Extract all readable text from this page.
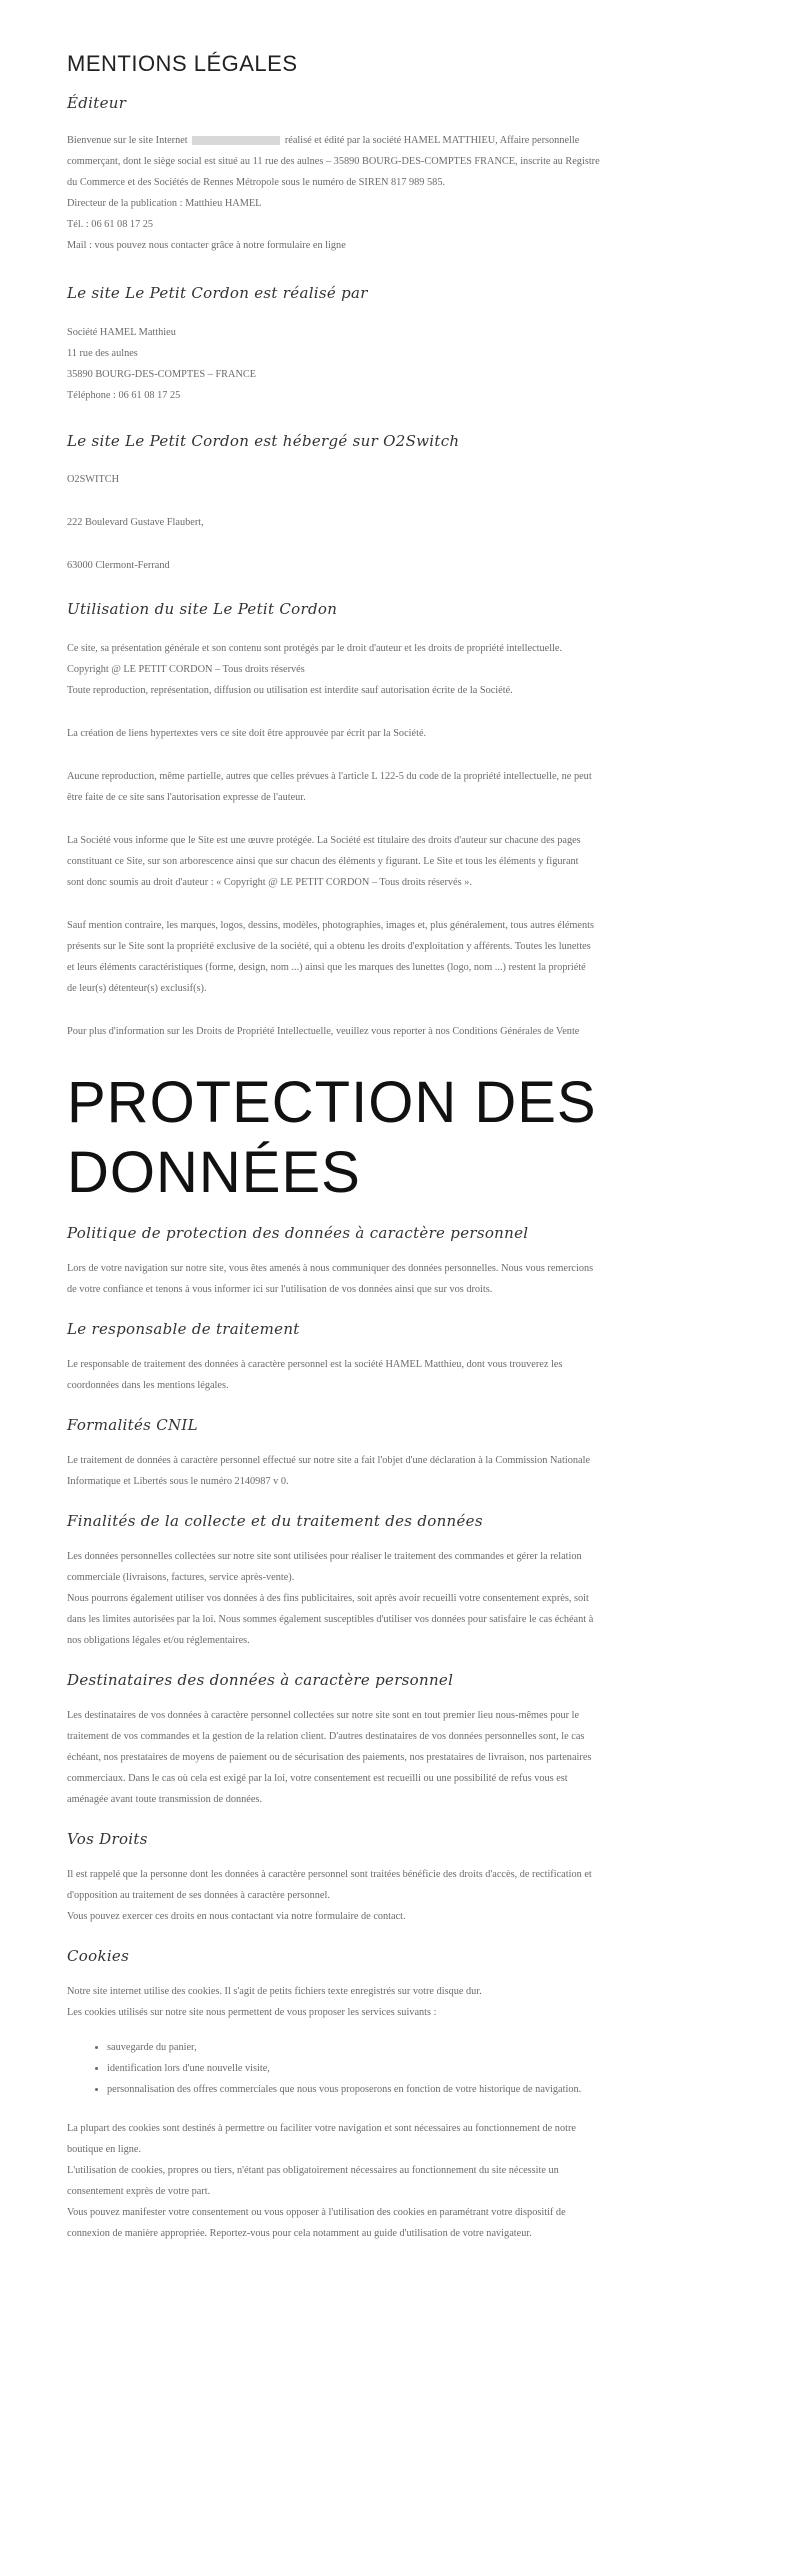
MENTIONS LÉGALES
Éditeur

Bienvenue sur le site Internet	réalisé et édité par la société HAMEL MATTHIEU, Affaire personnelle

commerçant, dont le siège social est situé au 11 rue des aulnes – 35890 BOURG-DES-COMPTES FRANCE, inscrite au Registre

du Commerce et des Sociétés de Rennes Métropole sous le numéro de SIREN 817 989 585.

Directeur de la publication : Matthieu HAMEL

Tél. : 06 61 08 17 25

Mail : vous pouvez nous contacter grâce à notre formulaire en ligne

Le site Le Petit Cordon est réalisé par

Société HAMEL Matthieu

11 rue des aulnes

35890 BOURG-DES-COMPTES – FRANCE

Téléphone : 06 61 08 17 25

Le site Le Petit Cordon est hébergé sur O2Switch

O2SWITCH

222 Boulevard Gustave Flaubert,

63000 Clermont-Ferrand

Utilisation du site Le Petit Cordon

Ce site, sa présentation générale et son contenu sont protégés par le droit d'auteur et les droits de propriété intellectuelle.

Copyright @ LE PETIT CORDON – Tous droits réservés

Toute reproduction, représentation, diffusion ou utilisation est interdite sauf autorisation écrite de la Société.

La création de liens hypertextes vers ce site doit être approuvée par écrit par la Société.

Aucune reproduction, même partielle, autres que celles prévues à l'article L 122-5 du code de la propriété intellectuelle, ne peut

être faite de ce site sans l'autorisation expresse de l'auteur.

La Société vous informe que le Site est une œuvre protégée. La Société est titulaire des droits d'auteur sur chacune des pages

constituant ce Site, sur son arborescence ainsi que sur chacun des éléments y figurant. Le Site et tous les éléments y figurant

sont donc soumis au droit d'auteur : « Copyright @ LE PETIT CORDON – Tous droits réservés ».

Sauf mention contraire, les marques, logos, dessins, modèles, photographies, images et, plus généralement, tous autres éléments

présents sur le Site sont la propriété exclusive de la société, qui a obtenu les droits d'exploitation y afférents. Toutes les lunettes

et leurs éléments caractéristiques (forme, design, nom ...) ainsi que les marques des lunettes (logo, nom ...) restent la propriété

de leur(s) détenteur(s) exclusif(s).

Pour plus d'information sur les Droits de Propriété Intellectuelle, veuillez vous reporter à nos Conditions Générales de Vente

PROTECTION DES
DONNÉES
Politique de protection des données à caractère personnel

Lors de votre navigation sur notre site, vous êtes amenés à nous communiquer des données personnelles. Nous vous remercions

de votre confiance et tenons à vous informer ici sur l'utilisation de vos données ainsi que sur vos droits.

Le responsable de traitement

Le responsable de traitement des données à caractère personnel est la société HAMEL Matthieu, dont vous trouverez les

coordonnées dans les mentions légales.

Formalités CNIL

Le traitement de données à caractère personnel effectué sur notre site a fait l'objet d'une déclaration à la Commission Nationale

Informatique et Libertés sous le numéro 2140987 v 0.

Finalités de la collecte et du traitement des données

Les données personnelles collectées sur notre site sont utilisées pour réaliser le traitement des commandes et gérer la relation

commerciale (livraisons, factures, service après-vente).

Nous pourrons également utiliser vos données à des fins publicitaires, soit après avoir recueilli votre consentement exprès, soit

dans les limites autorisées par la loi. Nous sommes également susceptibles d'utiliser vos données pour satisfaire le cas échéant à

nos obligations légales et/ou réglementaires.

Destinataires des données à caractère personnel

Les destinataires de vos données à caractère personnel collectées sur notre site sont en tout premier lieu nous-mêmes pour le

traitement de vos commandes et la gestion de la relation client. D'autres destinataires de vos données personnelles sont, le cas

échéant, nos prestataires de moyens de paiement ou de sécurisation des paiements, nos prestataires de livraison, nos partenaires

commerciaux. Dans le cas où cela est exigé par la loi, votre consentement est recueilli ou une possibilité de refus vous est

aménagée avant toute transmission de données.

Vos Droits

Il est rappelé que la personne dont les données à caractère personnel sont traitées bénéficie des droits d'accès, de rectification et

d'opposition au traitement de ses données à caractère personnel.

Vous pouvez exercer ces droits en nous contactant via notre formulaire de contact.

Cookies

Notre site internet utilise des cookies. Il s'agit de petits fichiers texte enregistrés sur votre disque dur.

Les cookies utilisés sur notre site nous permettent de vous proposer les services suivants :

• sauvegarde du panier,
• identification lors d'une nouvelle visite,
• personnalisation des offres commerciales que nous vous proposerons en fonction de votre historique de navigation.

La plupart des cookies sont destinés à permettre ou faciliter votre navigation et sont nécessaires au fonctionnement de notre

boutique en ligne.

L'utilisation de cookies, propres ou tiers, n'étant pas obligatoirement nécessaires au fonctionnement du site nécessite un

consentement exprès de votre part.

Vous pouvez manifester votre consentement ou vous opposer à l'utilisation des cookies en paramétrant votre dispositif de

connexion de manière appropriée. Reportez-vous pour cela notamment au guide d'utilisation de votre navigateur.
